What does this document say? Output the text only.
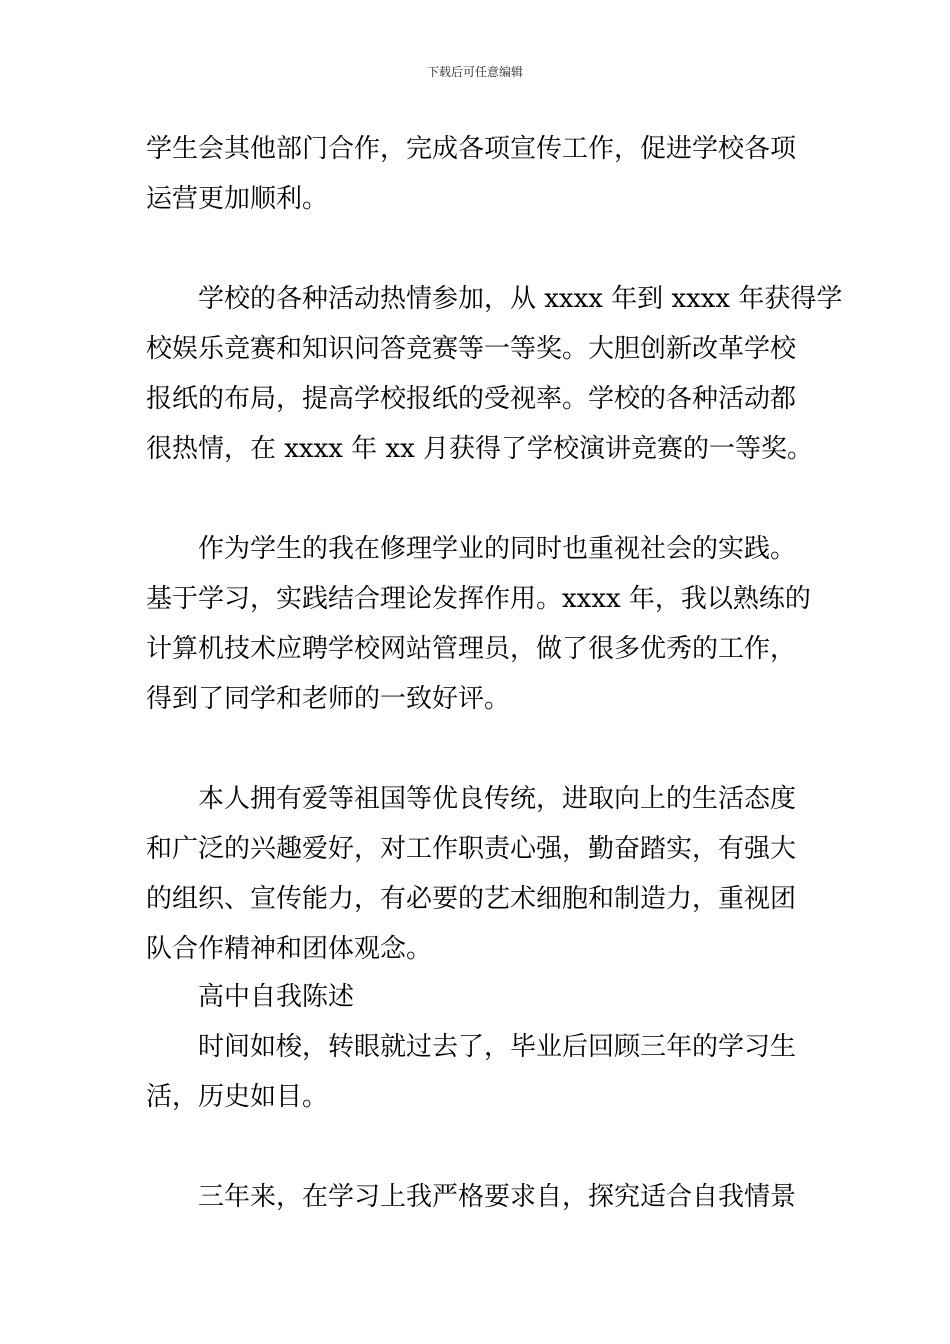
下载后可任意编辑
学生会其他部门合作，完成各项宣传工作，促进学校各项
运营更加顺利。
　　学校的各种活动热情参加，从 xxxx 年到 xxxx 年获得学
校娱乐竞赛和知识问答竞赛等一等奖。大胆创新改革学校
报纸的布局，提高学校报纸的受视率。学校的各种活动都
很热情，在 xxxx 年 xx 月获得了学校演讲竞赛的一等奖。
　　作为学生的我在修理学业的同时也重视社会的实践。
基于学习，实践结合理论发挥作用。xxxx 年，我以熟练的
计算机技术应聘学校网站管理员，做了很多优秀的工作，
得到了同学和老师的一致好评。
　　本人拥有爱等祖国等优良传统，进取向上的生活态度
和广泛的兴趣爱好，对工作职责心强，勤奋踏实，有强大
的组织、宣传能力，有必要的艺术细胞和制造力，重视团
队合作精神和团体观念。
　　高中自我陈述
　　时间如梭，转眼就过去了，毕业后回顾三年的学习生
活，历史如目。
　　三年来，在学习上我严格要求自，探究适合自我情景
